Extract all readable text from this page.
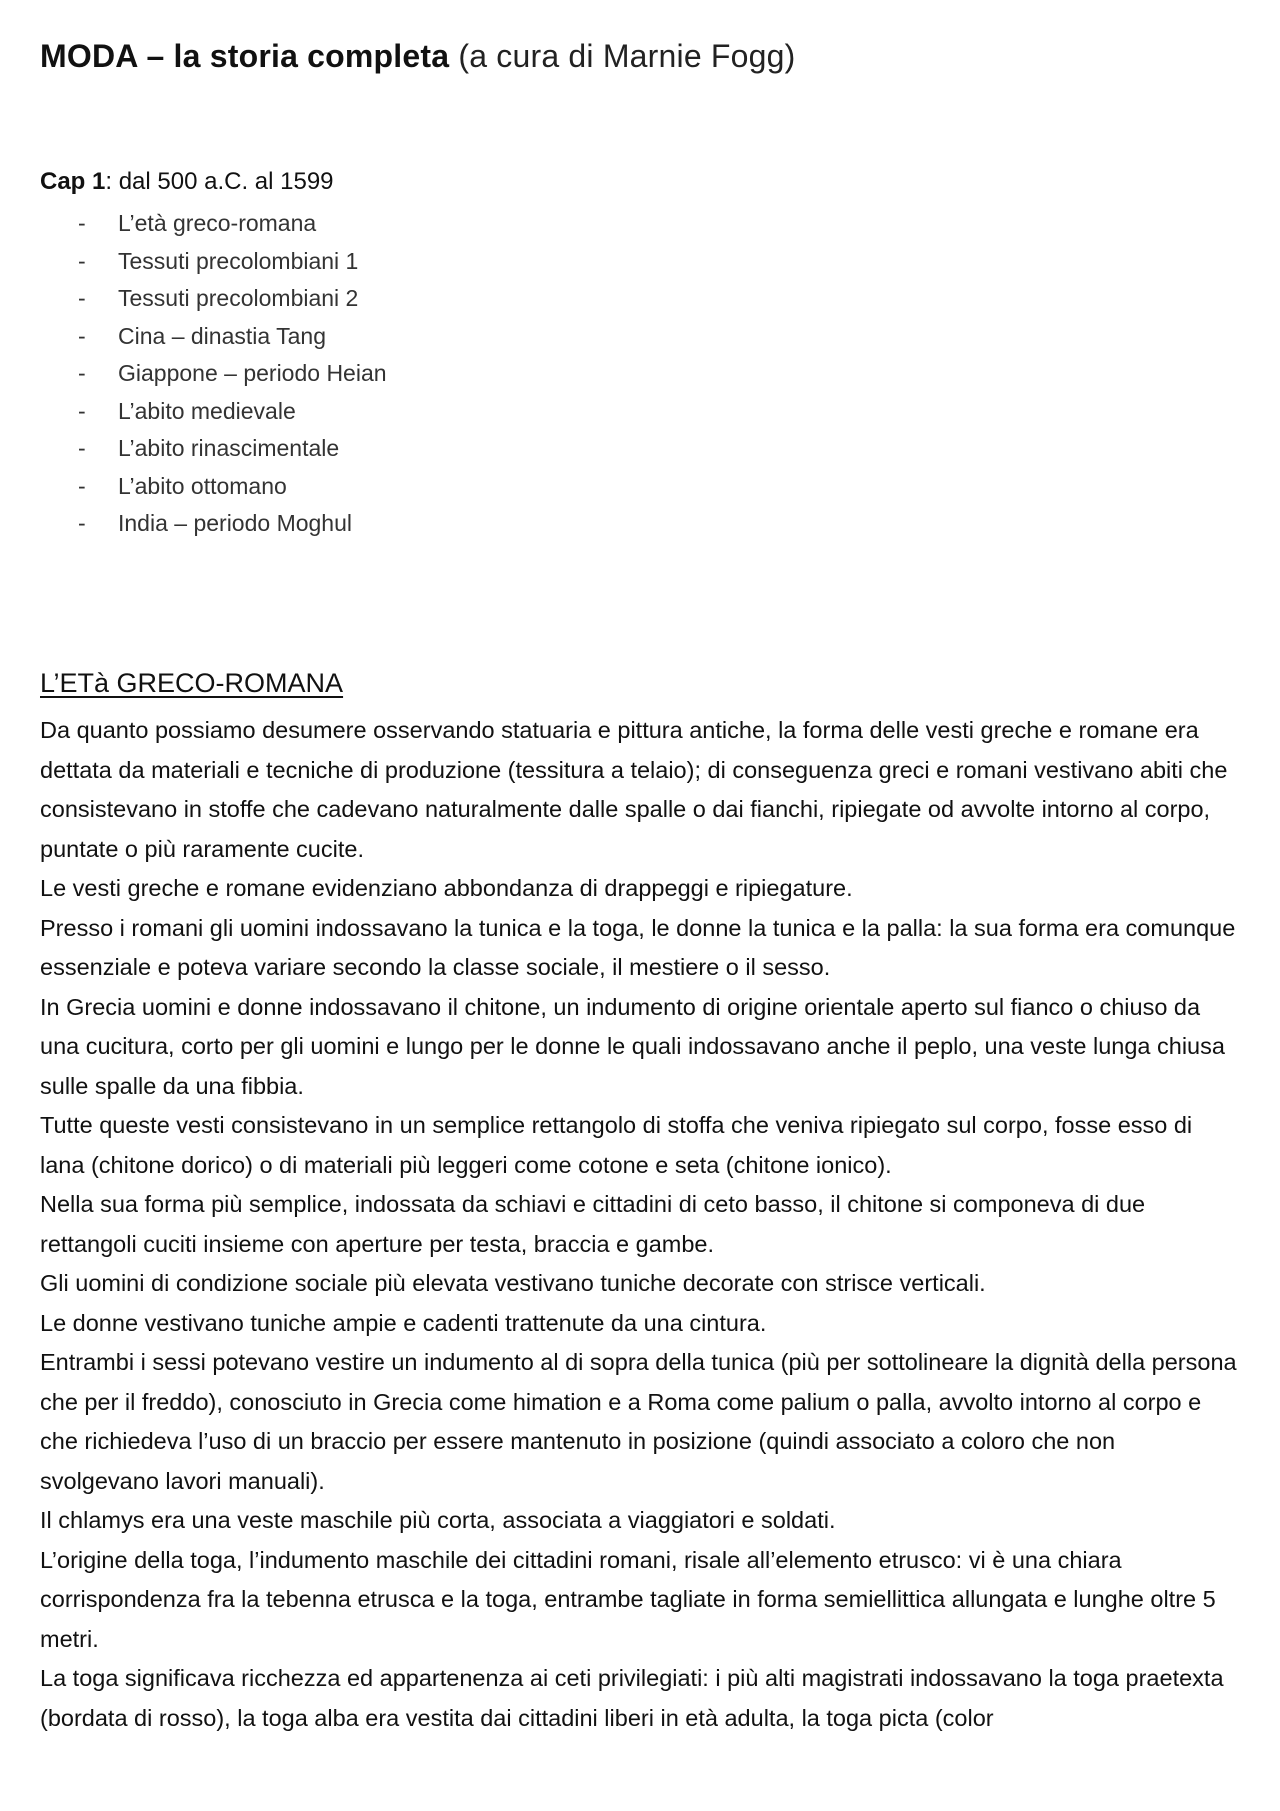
MODA – la storia completa (a cura di Marnie Fogg)
Cap 1: dal 500 a.C. al 1599
- L’età greco-romana
- Tessuti precolombiani 1
- Tessuti precolombiani 2
- Cina – dinastia Tang
- Giappone – periodo Heian
- L’abito medievale
- L’abito rinascimentale
- L’abito ottomano
- India – periodo Moghul
L’ETà GRECO-ROMANA

Da quanto possiamo desumere osservando statuaria e pittura antiche, la forma delle vesti greche e romane era dettata da materiali e tecniche di produzione (tessitura a telaio); di conseguenza greci e romani vestivano abiti che consistevano in stoffe che cadevano naturalmente dalle spalle o dai fianchi, ripiegate od avvolte intorno al corpo, puntate o più raramente cucite.

Le vesti greche e romane evidenziano abbondanza di drappeggi e ripiegature.

Presso i romani gli uomini indossavano la tunica e la toga, le donne la tunica e la palla: la sua forma era comunque essenziale e poteva variare secondo la classe sociale, il mestiere o il sesso.

In Grecia uomini e donne indossavano il chitone, un indumento di origine orientale aperto sul fianco o chiuso da una cucitura, corto per gli uomini e lungo per le donne le quali indossavano anche il peplo, una veste lunga chiusa sulle spalle da una fibbia.

Tutte queste vesti consistevano in un semplice rettangolo di stoffa che veniva ripiegato sul corpo, fosse esso di lana (chitone dorico) o di materiali più leggeri come cotone e seta (chitone ionico).

Nella sua forma più semplice, indossata da schiavi e cittadini di ceto basso, il chitone si componeva di due rettangoli cuciti insieme con aperture per testa, braccia e gambe.

Gli uomini di condizione sociale più elevata vestivano tuniche decorate con strisce verticali.

Le donne vestivano tuniche ampie e cadenti trattenute da una cintura.

Entrambi i sessi potevano vestire un indumento al di sopra della tunica (più per sottolineare la dignità della persona che per il freddo), conosciuto in Grecia come himation e a Roma come palium o palla, avvolto intorno al corpo e che richiedeva l’uso di un braccio per essere mantenuto in posizione (quindi associato a coloro che non svolgevano lavori manuali).

Il chlamys era una veste maschile più corta, associata a viaggiatori e soldati.

L’origine della toga, l’indumento maschile dei cittadini romani, risale all’elemento etrusco: vi è una chiara corrispondenza fra la tebenna etrusca e la toga, entrambe tagliate in forma semiellittica allungata e lunghe oltre 5 metri.

La toga significava ricchezza ed appartenenza ai ceti privilegiati: i più alti magistrati indossavano la toga praetexta (bordata di rosso), la toga alba era vestita dai cittadini liberi in età adulta, la toga picta (color
